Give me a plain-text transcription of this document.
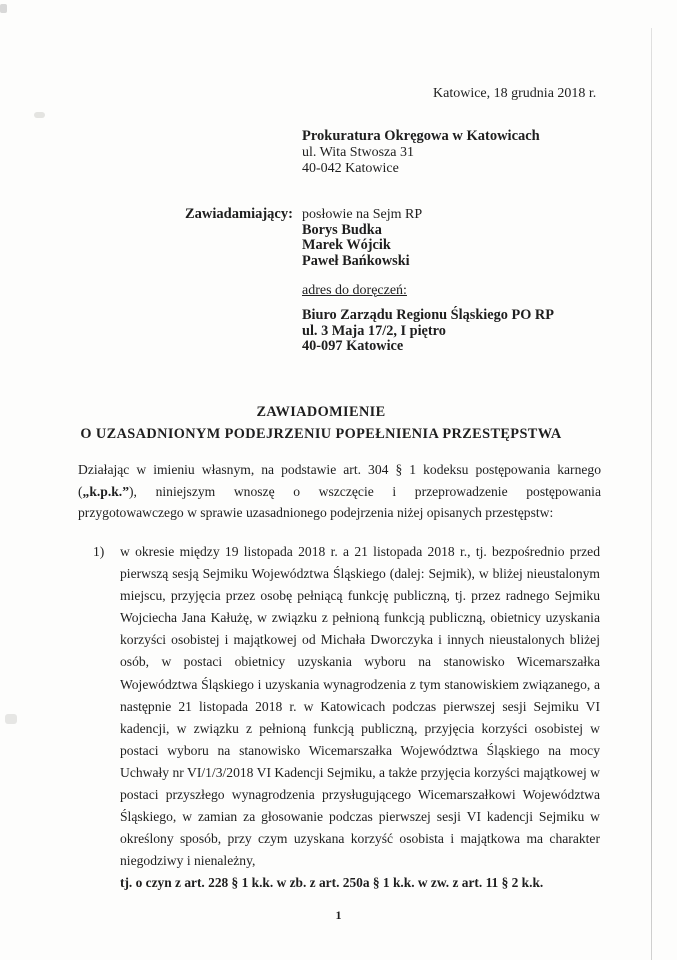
Katowice, 18 grudnia 2018 r.
Prokuratura Okręgowa w Katowicach
ul. Wita Stwosza 31
40-042 Katowice
Zawiadamiający: posłowie na Sejm RP
Borys Budka
Marek Wójcik
Paweł Bańkowski
adres do doręczeń:
Biuro Zarządu Regionu Śląskiego PO RP
ul. 3 Maja 17/2, I piętro
40-097 Katowice
ZAWIADOMIENIE
O UZASADNIONYM PODEJRZENIU POPEŁNIENIA PRZESTĘPSTWA
Działając w imieniu własnym, na podstawie art. 304 § 1 kodeksu postępowania karnego („k.p.k.”), niniejszym wnoszę o wszczęcie i przeprowadzenie postępowania przygotowawczego w sprawie uzasadnionego podejrzenia niżej opisanych przestępstw:
1)	w okresie między 19 listopada 2018 r. a 21 listopada 2018 r., tj. bezpośrednio przed pierwszą sesją Sejmiku Województwa Śląskiego (dalej: Sejmik), w bliżej nieustalonym miejscu, przyjęcia przez osobę pełniącą funkcję publiczną, tj. przez radnego Sejmiku Wojciecha Jana Kałużę, w związku z pełnioną funkcją publiczną, obietnicy uzyskania korzyści osobistej i majątkowej od Michała Dworczyka i innych nieustalonych bliżej osób, w postaci obietnicy uzyskania wyboru na stanowisko Wicemarszałka Województwa Śląskiego i uzyskania wynagrodzenia z tym stanowiskiem związanego, a następnie 21 listopada 2018 r. w Katowicach podczas pierwszej sesji Sejmiku VI kadencji, w związku z pełnioną funkcją publiczną, przyjęcia korzyści osobistej w postaci wyboru na stanowisko Wicemarszałka Województwa Śląskiego na mocy Uchwały nr VI/1/3/2018 VI Kadencji Sejmiku, a także przyjęcia korzyści majątkowej w postaci przyszłego wynagrodzenia przysługującego Wicemarszałkowi Województwa Śląskiego, w zamian za głosowanie podczas pierwszej sesji VI kadencji Sejmiku w określony sposób, przy czym uzyskana korzyść osobista i majątkowa ma charakter niegodziwy i nienależny,
tj. o czyn z art. 228 § 1 k.k. w zb. z art. 250a § 1 k.k. w zw. z art. 11 § 2 k.k.
1
